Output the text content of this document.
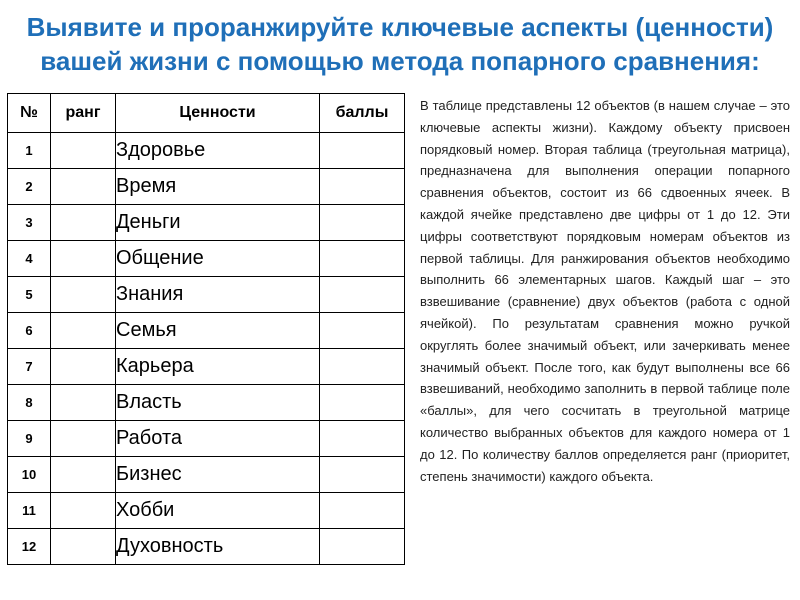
Выявите и проранжируйте ключевые аспекты (ценности)
вашей жизни с помощью метода попарного сравнения:
№	ранг	Ценности	баллы
1		Здоровье	
2		Время	
3		Деньги	
4		Общение	
5		Знания	
6		Семья	
7		Карьера	
8		Власть	
9		Работа	
10		Бизнес	
11		Хобби	
12		Духовность	
В таблице представлены 12 объектов (в нашем случае – это ключевые аспекты жизни). Каждому объекту присвоен порядковый номер. Вторая таблица (треугольная матрица), предназначена для выполнения операции попарного сравнения объектов, состоит из 66 сдвоенных ячеек. В каждой ячейке представлено две цифры от 1 до 12. Эти цифры соответствуют порядковым номерам объектов из первой таблицы. Для ранжирования объектов необходимо выполнить 66 элементарных шагов. Каждый шаг – это взвешивание (сравнение) двух объектов (работа с одной ячейкой). По результатам сравнения можно ручкой округлять более значимый объект, или зачеркивать менее значимый объект. После того, как будут выполнены все 66 взвешиваний, необходимо заполнить в первой таблице поле «баллы», для чего сосчитать в треугольной матрице количество выбранных объектов для каждого номера от 1 до 12. По количеству баллов определяется ранг (приоритет, степень значимости) каждого объекта.
